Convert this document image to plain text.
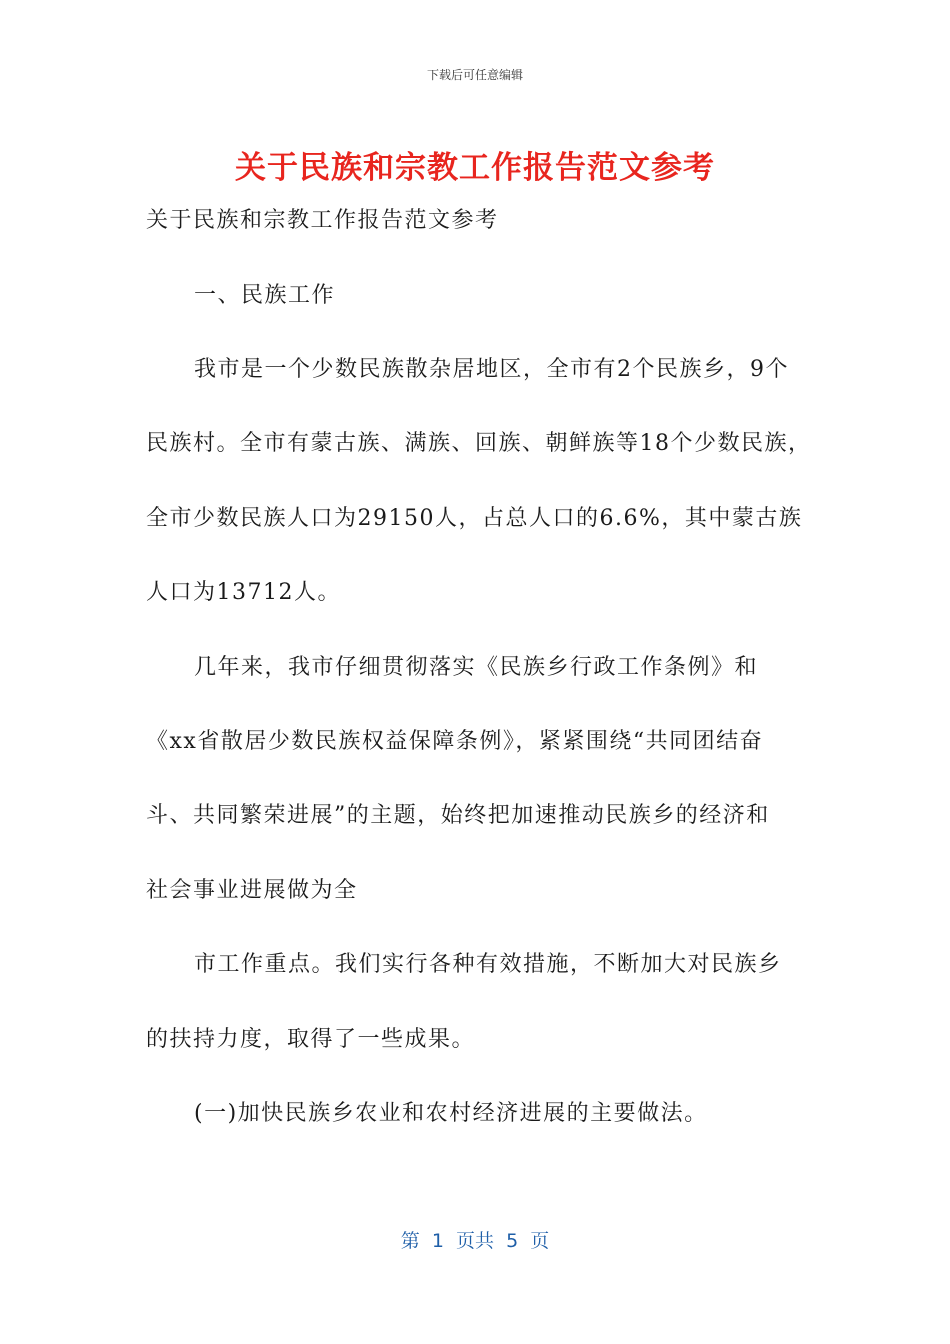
下载后可任意编辑
关于民族和宗教工作报告范文参考
关于民族和宗教工作报告范文参考
一、民族工作
我市是一个少数民族散杂居地区，全市有2个民族乡，9个
民族村。全市有蒙古族、满族、回族、朝鲜族等18个少数民族，
全市少数民族人口为29150人，占总人口的6.6%，其中蒙古族
人口为13712人。
几年来，我市仔细贯彻落实《民族乡行政工作条例》和
《xx省散居少数民族权益保障条例》，紧紧围绕“共同团结奋
斗、共同繁荣进展”的主题，始终把加速推动民族乡的经济和
社会事业进展做为全
市工作重点。我们实行各种有效措施，不断加大对民族乡
的扶持力度，取得了一些成果。
(一)加快民族乡农业和农村经济进展的主要做法。
第  1  页共  5  页
